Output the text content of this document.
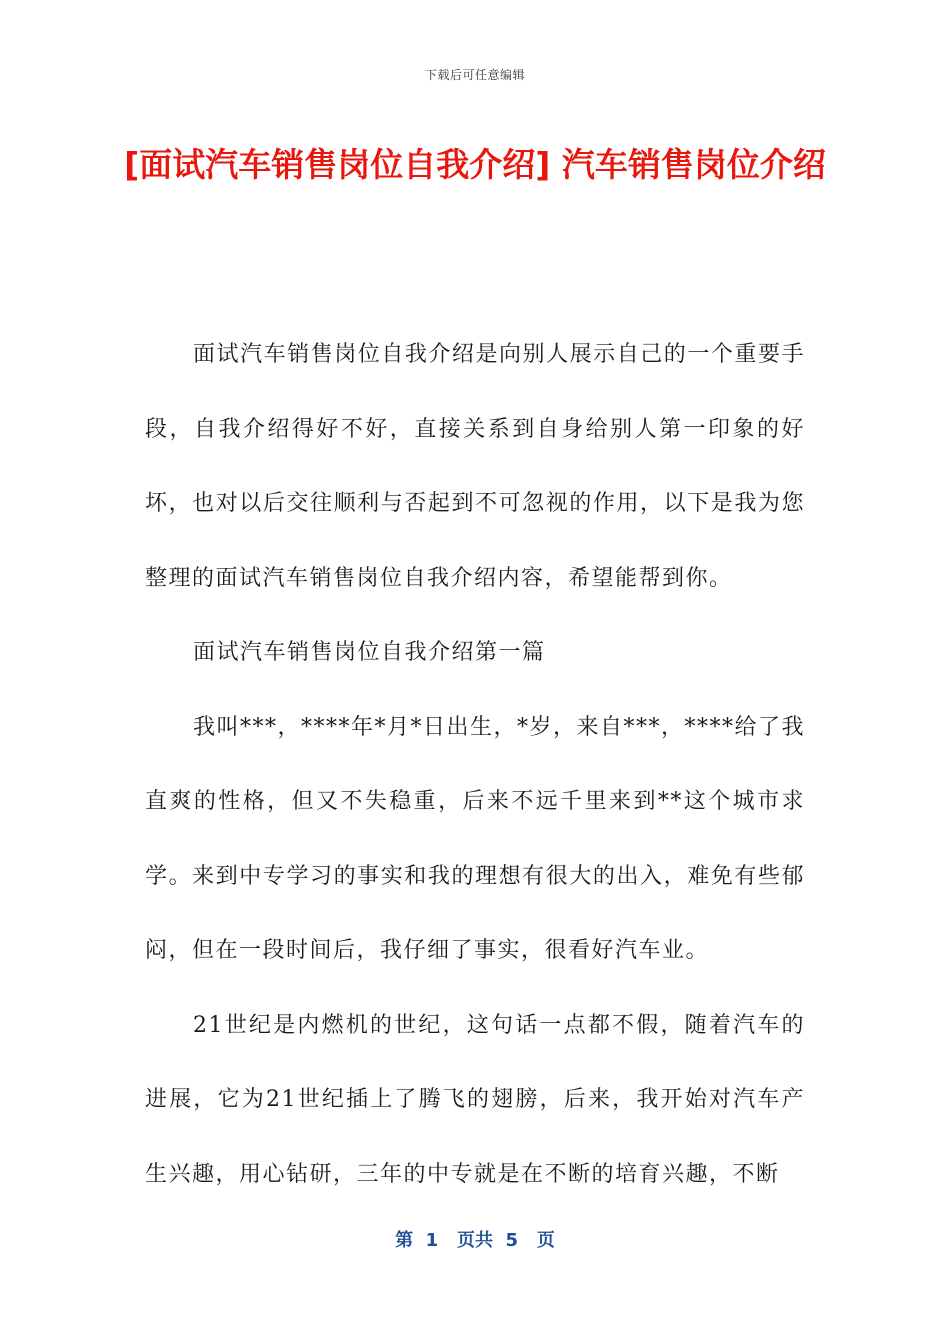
下载后可任意编辑
[面试汽车销售岗位自我介绍] 汽车销售岗位介绍

面试汽车销售岗位自我介绍是向别人展示自己的一个重要手段，自我介绍得好不好，直接关系到自身给别人第一印象的好坏，也对以后交往顺利与否起到不可忽视的作用，以下是我为您整理的面试汽车销售岗位自我介绍内容，希望能帮到你。

面试汽车销售岗位自我介绍第一篇

我叫***，****年*月*日出生，*岁，来自***，****给了我直爽的性格，但又不失稳重，后来不远千里来到**这个城市求学。来到中专学习的事实和我的理想有很大的出入，难免有些郁闷，但在一段时间后，我仔细了事实，很看好汽车业。

21世纪是内燃机的世纪，这句话一点都不假，随着汽车的进展，它为21世纪插上了腾飞的翅膀，后来，我开始对汽车产生兴趣，用心钻研，三年的中专就是在不断的培育兴趣，不断

第  1   页共  5   页
